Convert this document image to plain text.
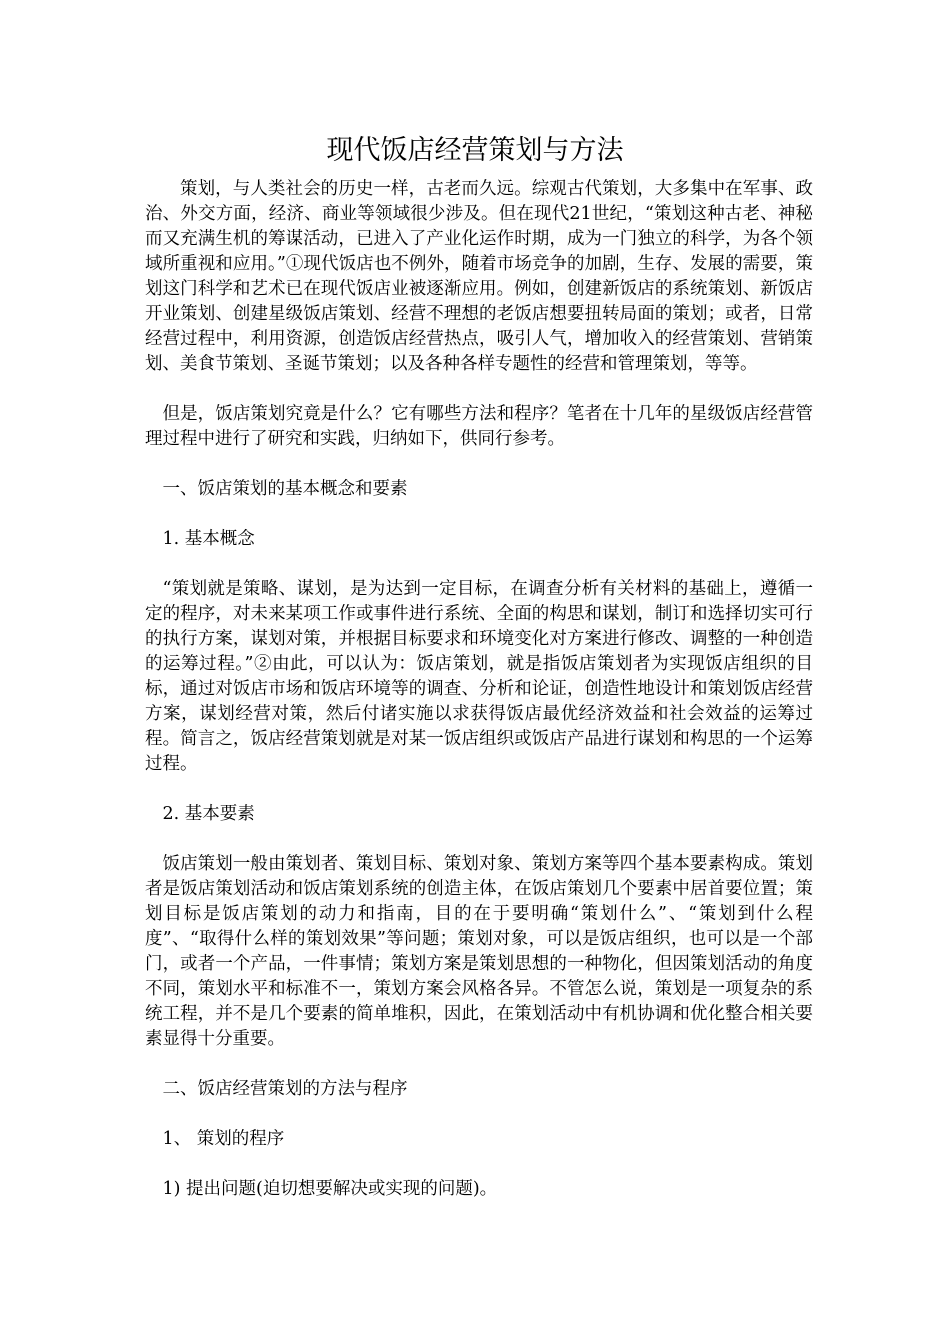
现代饭店经营策划与方法

策划，与人类社会的历史一样，古老而久远。综观古代策划，大多集中在军事、政治、外交方面，经济、商业等领域很少涉及。但在现代21世纪，“策划这种古老、神秘而又充满生机的筹谋活动，已进入了产业化运作时期，成为一门独立的科学，为各个领域所重视和应用。”①现代饭店也不例外，随着市场竞争的加剧，生存、发展的需要，策划这门科学和艺术已在现代饭店业被逐渐应用。例如，创建新饭店的系统策划、新饭店开业策划、创建星级饭店策划、经营不理想的老饭店想要扭转局面的策划；或者，日常经营过程中，利用资源，创造饭店经营热点，吸引人气，增加收入的经营策划、营销策划、美食节策划、圣诞节策划；以及各种各样专题性的经营和管理策划，等等。

但是，饭店策划究竟是什么？它有哪些方法和程序？笔者在十几年的星级饭店经营管理过程中进行了研究和实践，归纳如下，供同行参考。

一、饭店策划的基本概念和要素

1. 基本概念

“策划就是策略、谋划，是为达到一定目标，在调查分析有关材料的基础上，遵循一定的程序，对未来某项工作或事件进行系统、全面的构思和谋划，制订和选择切实可行的执行方案，谋划对策，并根据目标要求和环境变化对方案进行修改、调整的一种创造的运筹过程。”②由此，可以认为：饭店策划，就是指饭店策划者为实现饭店组织的目标，通过对饭店市场和饭店环境等的调查、分析和论证，创造性地设计和策划饭店经营方案，谋划经营对策，然后付诸实施以求获得饭店最优经济效益和社会效益的运筹过程。简言之，饭店经营策划就是对某一饭店组织或饭店产品进行谋划和构思的一个运筹过程。

2. 基本要素

饭店策划一般由策划者、策划目标、策划对象、策划方案等四个基本要素构成。策划者是饭店策划活动和饭店策划系统的创造主体，在饭店策划几个要素中居首要位置；策划目标是饭店策划的动力和指南，目的在于要明确“策划什么”、“策划到什么程度”、“取得什么样的策划效果”等问题；策划对象，可以是饭店组织，也可以是一个部门，或者一个产品，一件事情；策划方案是策划思想的一种物化，但因策划活动的角度不同，策划水平和标准不一，策划方案会风格各异。不管怎么说，策划是一项复杂的系统工程，并不是几个要素的简单堆积，因此，在策划活动中有机协调和优化整合相关要素显得十分重要。

二、饭店经营策划的方法与程序

1、 策划的程序

1) 提出问题(迫切想要解决或实现的问题)。
